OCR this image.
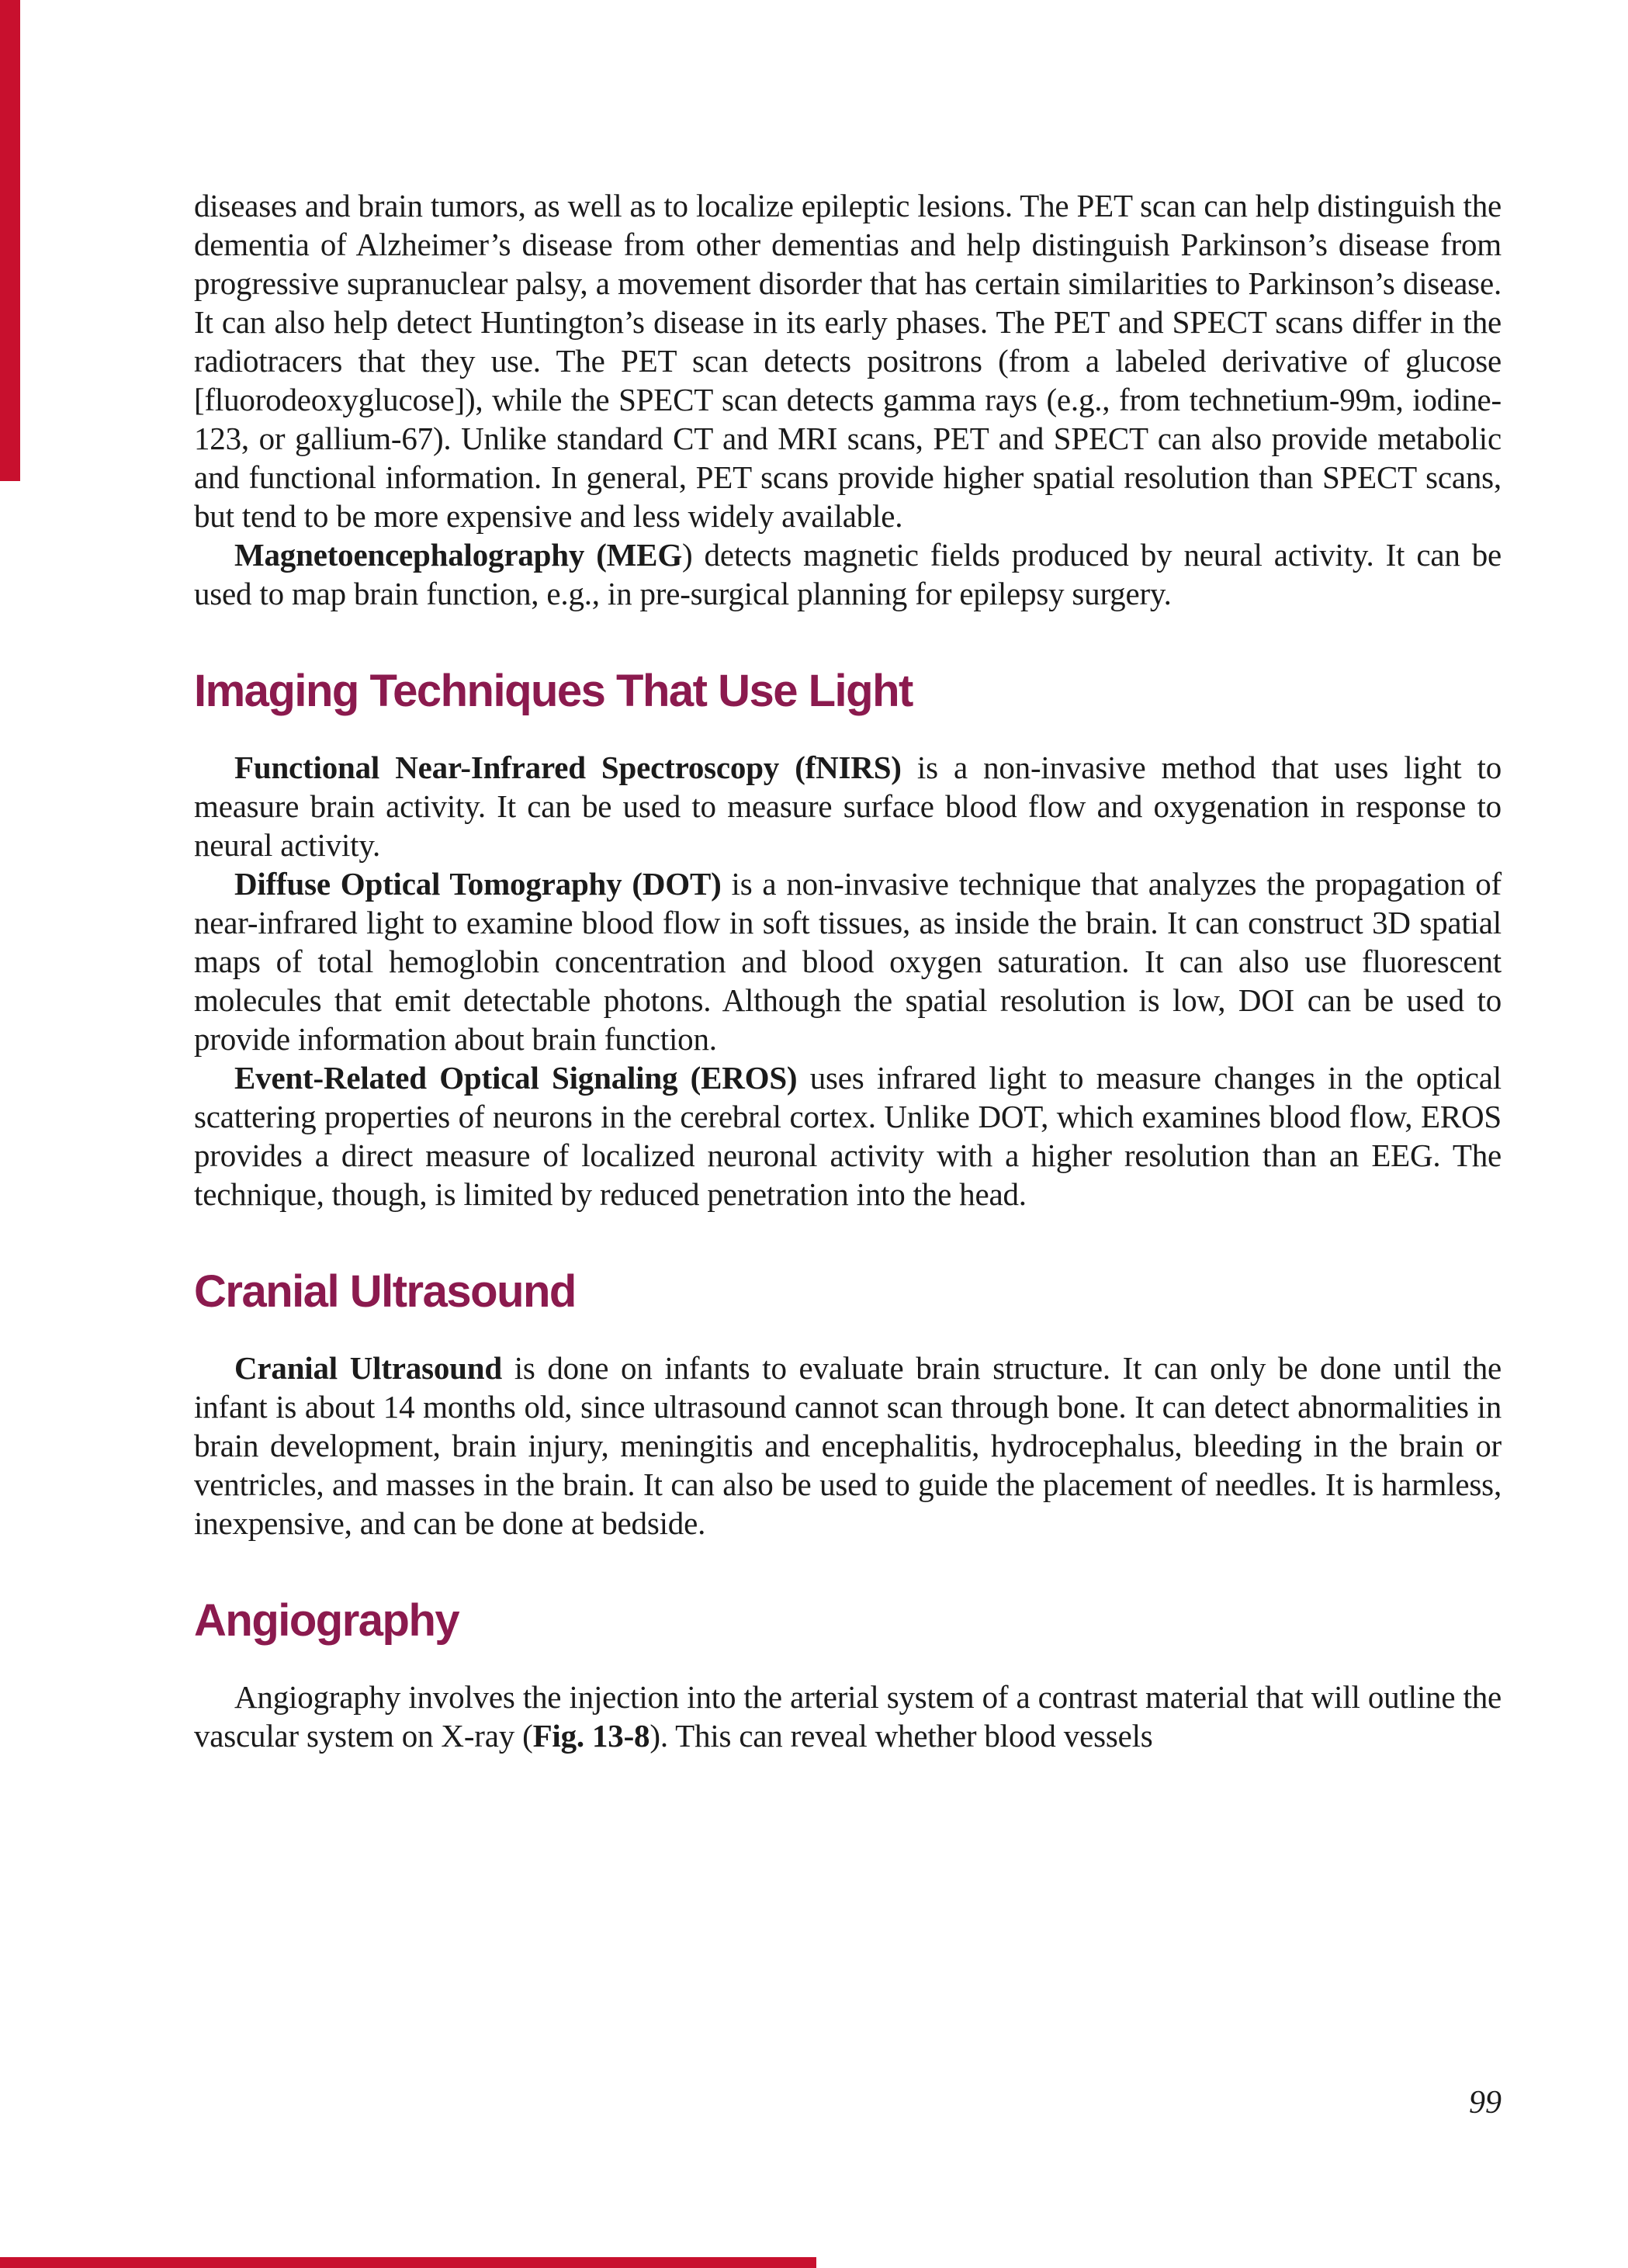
diseases and brain tumors, as well as to localize epileptic lesions. The PET scan can help distinguish the dementia of Alzheimer’s disease from other dementias and help distinguish Parkinson’s disease from progressive supranuclear palsy, a movement disorder that has certain similarities to Parkinson’s disease. It can also help detect Huntington’s disease in its early phases. The PET and SPECT scans differ in the radiotracers that they use. The PET scan detects positrons (from a labeled derivative of glucose [fluorodeoxyglucose]), while the SPECT scan detects gamma rays (e.g., from technetium-99m, iodine-123, or gallium-67). Unlike standard CT and MRI scans, PET and SPECT can also provide metabolic and functional information. In general, PET scans provide higher spatial resolution than SPECT scans, but tend to be more expensive and less widely available.

Magnetoencephalography (MEG) detects magnetic fields produced by neural activity. It can be used to map brain function, e.g., in pre-surgical planning for epilepsy surgery.

Imaging Techniques That Use Light

Functional Near-Infrared Spectroscopy (fNIRS) is a non-invasive method that uses light to measure brain activity. It can be used to measure surface blood flow and oxygenation in response to neural activity.

Diffuse Optical Tomography (DOT) is a non-invasive technique that analyzes the propagation of near-infrared light to examine blood flow in soft tissues, as inside the brain. It can construct 3D spatial maps of total hemoglobin concentration and blood oxygen saturation. It can also use fluorescent molecules that emit detectable photons. Although the spatial resolution is low, DOI can be used to provide information about brain function.

Event-Related Optical Signaling (EROS) uses infrared light to measure changes in the optical scattering properties of neurons in the cerebral cortex. Unlike DOT, which examines blood flow, EROS provides a direct measure of localized neuronal activity with a higher resolution than an EEG. The technique, though, is limited by reduced penetration into the head.

Cranial Ultrasound

Cranial Ultrasound is done on infants to evaluate brain structure. It can only be done until the infant is about 14 months old, since ultrasound cannot scan through bone. It can detect abnormalities in brain development, brain injury, meningitis and encephalitis, hydrocephalus, bleeding in the brain or ventricles, and masses in the brain. It can also be used to guide the placement of needles. It is harmless, inexpensive, and can be done at bedside.

Angiography

Angiography involves the injection into the arterial system of a contrast material that will outline the vascular system on X-ray (Fig. 13-8). This can reveal whether blood vessels

99
